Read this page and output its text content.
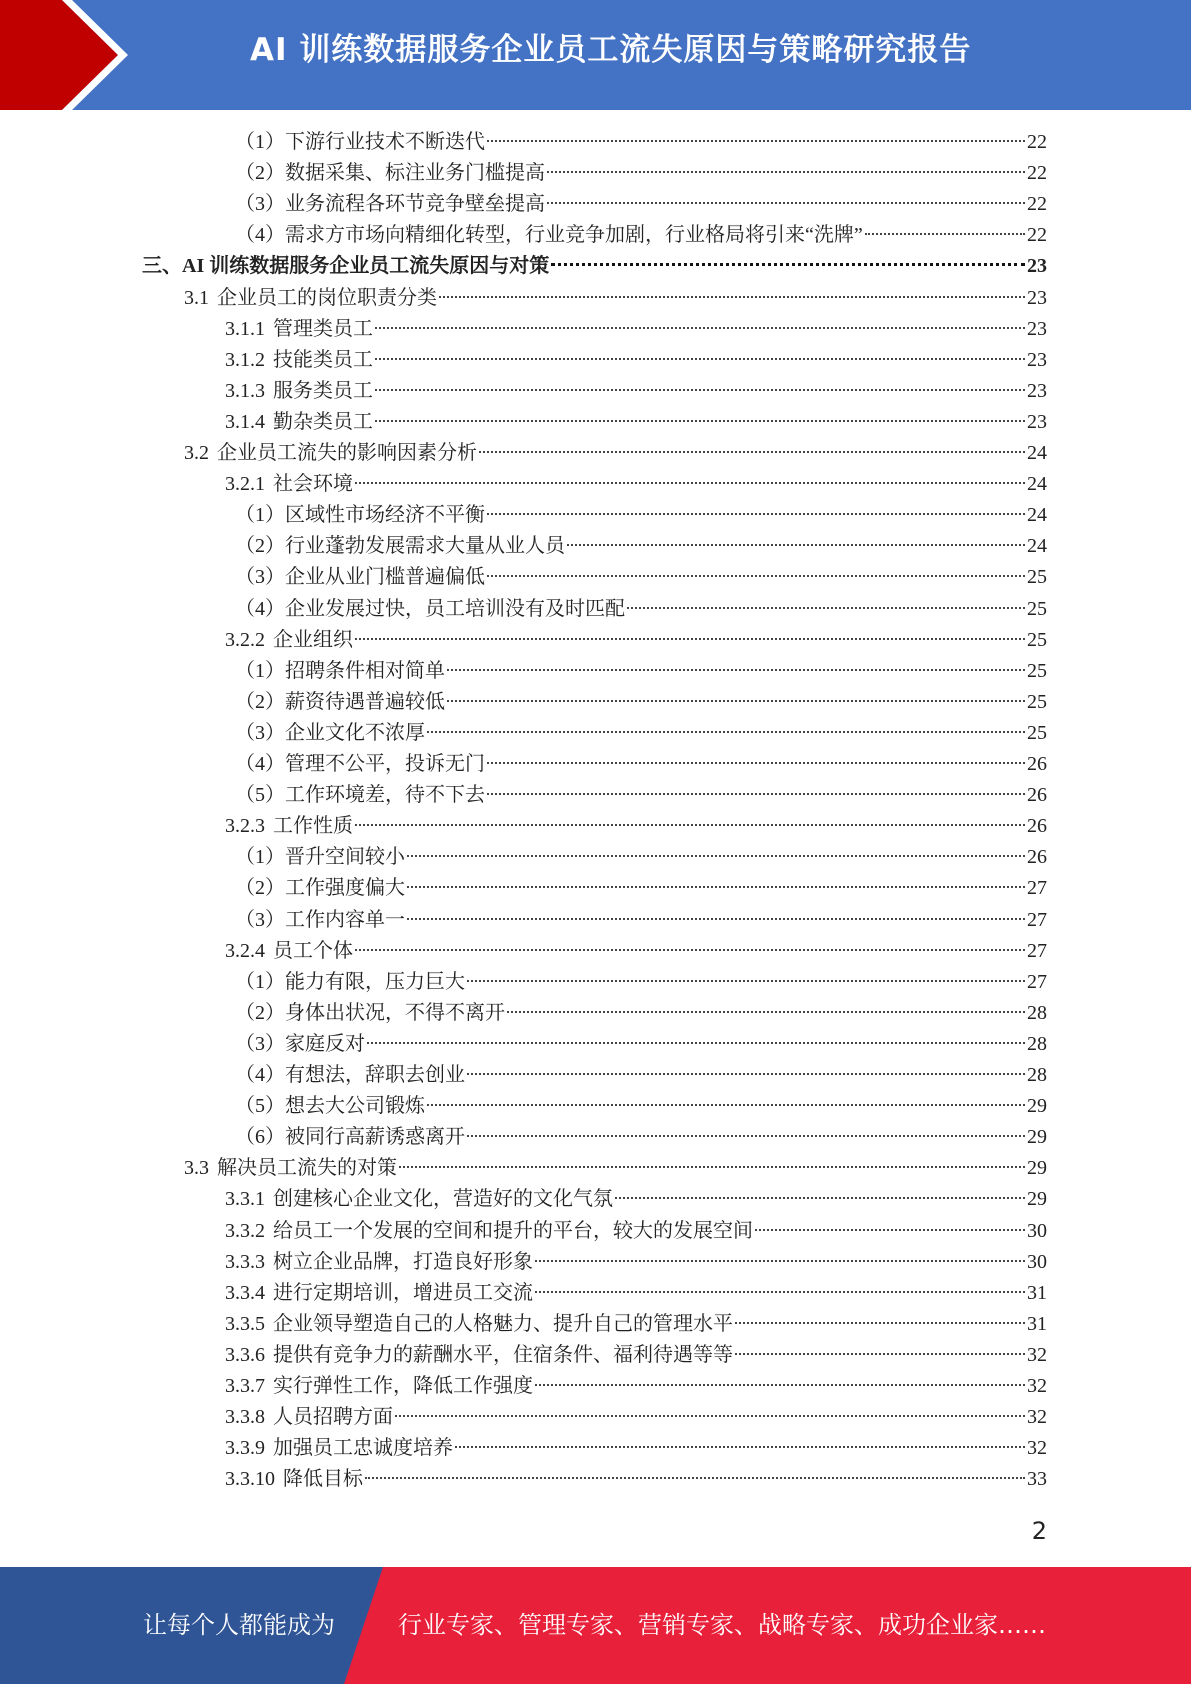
AI 训练数据服务企业员工流失原因与策略研究报告
（1）下游行业技术不断迭代	22
（2）数据采集、标注业务门槛提高	22
（3）业务流程各环节竞争壁垒提高	22
（4）需求方市场向精细化转型，行业竞争加剧，行业格局将引来“洗牌”	22
三、AI 训练数据服务企业员工流失原因与对策	23
3.1 企业员工的岗位职责分类	23
3.1.1 管理类员工	23
3.1.2 技能类员工	23
3.1.3 服务类员工	23
3.1.4 勤杂类员工	23
3.2 企业员工流失的影响因素分析	24
3.2.1 社会环境	24
（1）区域性市场经济不平衡	24
（2）行业蓬勃发展需求大量从业人员	24
（3）企业从业门槛普遍偏低	25
（4）企业发展过快，员工培训没有及时匹配	25
3.2.2 企业组织	25
（1）招聘条件相对简单	25
（2）薪资待遇普遍较低	25
（3）企业文化不浓厚	25
（4）管理不公平，投诉无门	26
（5）工作环境差，待不下去	26
3.2.3 工作性质	26
（1）晋升空间较小	26
（2）工作强度偏大	27
（3）工作内容单一	27
3.2.4 员工个体	27
（1）能力有限，压力巨大	27
（2）身体出状况，不得不离开	28
（3）家庭反对	28
（4）有想法，辞职去创业	28
（5）想去大公司锻炼	29
（6）被同行高薪诱惑离开	29
3.3 解决员工流失的对策	29
3.3.1 创建核心企业文化，营造好的文化气氛	29
3.3.2 给员工一个发展的空间和提升的平台，较大的发展空间	30
3.3.3 树立企业品牌，打造良好形象	30
3.3.4 进行定期培训，增进员工交流	31
3.3.5 企业领导塑造自己的人格魅力、提升自己的管理水平	31
3.3.6 提供有竞争力的薪酬水平，住宿条件、福利待遇等等	32
3.3.7 实行弹性工作，降低工作强度	32
3.3.8 人员招聘方面	32
3.3.9 加强员工忠诚度培养	32
3.3.10 降低目标	33
2
让每个人都能成为	行业专家、管理专家、营销专家、战略专家、成功企业家……
